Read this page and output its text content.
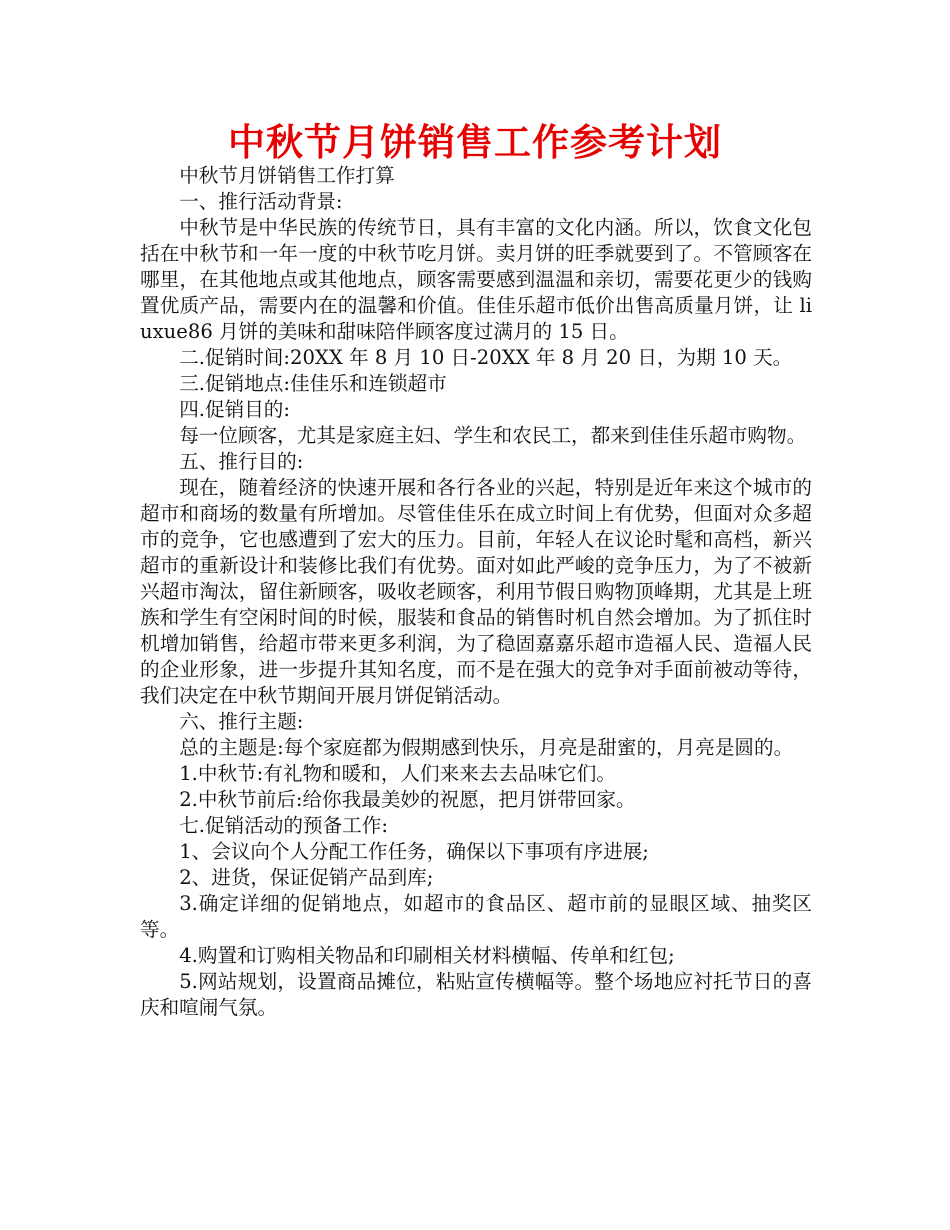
中秋节月饼销售工作参考计划

中秋节月饼销售工作打算

一、推行活动背景:

中秋节是中华民族的传统节日，具有丰富的文化内涵。所以，饮食文化包括在中秋节和一年一度的中秋节吃月饼。卖月饼的旺季就要到了。不管顾客在哪里，在其他地点或其他地点，顾客需要感到温温和亲切，需要花更少的钱购置优质产品，需要内在的温馨和价值。佳佳乐超市低价出售高质量月饼，让 liuxue86 月饼的美味和甜味陪伴顾客度过满月的 15 日。

二.促销时间:20XX 年 8 月 10 日-20XX 年 8 月 20 日，为期 10 天。

三.促销地点:佳佳乐和连锁超市

四.促销目的:

每一位顾客，尤其是家庭主妇、学生和农民工，都来到佳佳乐超市购物。

五、推行目的:

现在，随着经济的快速开展和各行各业的兴起，特别是近年来这个城市的超市和商场的数量有所增加。尽管佳佳乐在成立时间上有优势，但面对众多超市的竞争，它也感遭到了宏大的压力。目前，年轻人在议论时髦和高档，新兴超市的重新设计和装修比我们有优势。面对如此严峻的竞争压力，为了不被新兴超市淘汰，留住新顾客，吸收老顾客，利用节假日购物顶峰期，尤其是上班族和学生有空闲时间的时候，服装和食品的销售时机自然会增加。为了抓住时机增加销售，给超市带来更多利润，为了稳固嘉嘉乐超市造福人民、造福人民的企业形象，进一步提升其知名度，而不是在强大的竞争对手面前被动等待，我们决定在中秋节期间开展月饼促销活动。

六、推行主题:

总的主题是:每个家庭都为假期感到快乐，月亮是甜蜜的，月亮是圆的。

1.中秋节:有礼物和暖和，人们来来去去品味它们。

2.中秋节前后:给你我最美妙的祝愿，把月饼带回家。

七.促销活动的预备工作:

1、会议向个人分配工作任务，确保以下事项有序进展;

2、进货，保证促销产品到库;

3.确定详细的促销地点，如超市的食品区、超市前的显眼区域、抽奖区等。

4.购置和订购相关物品和印刷相关材料横幅、传单和红包;

5.网站规划，设置商品摊位，粘贴宣传横幅等。整个场地应衬托节日的喜庆和喧闹气氛。
